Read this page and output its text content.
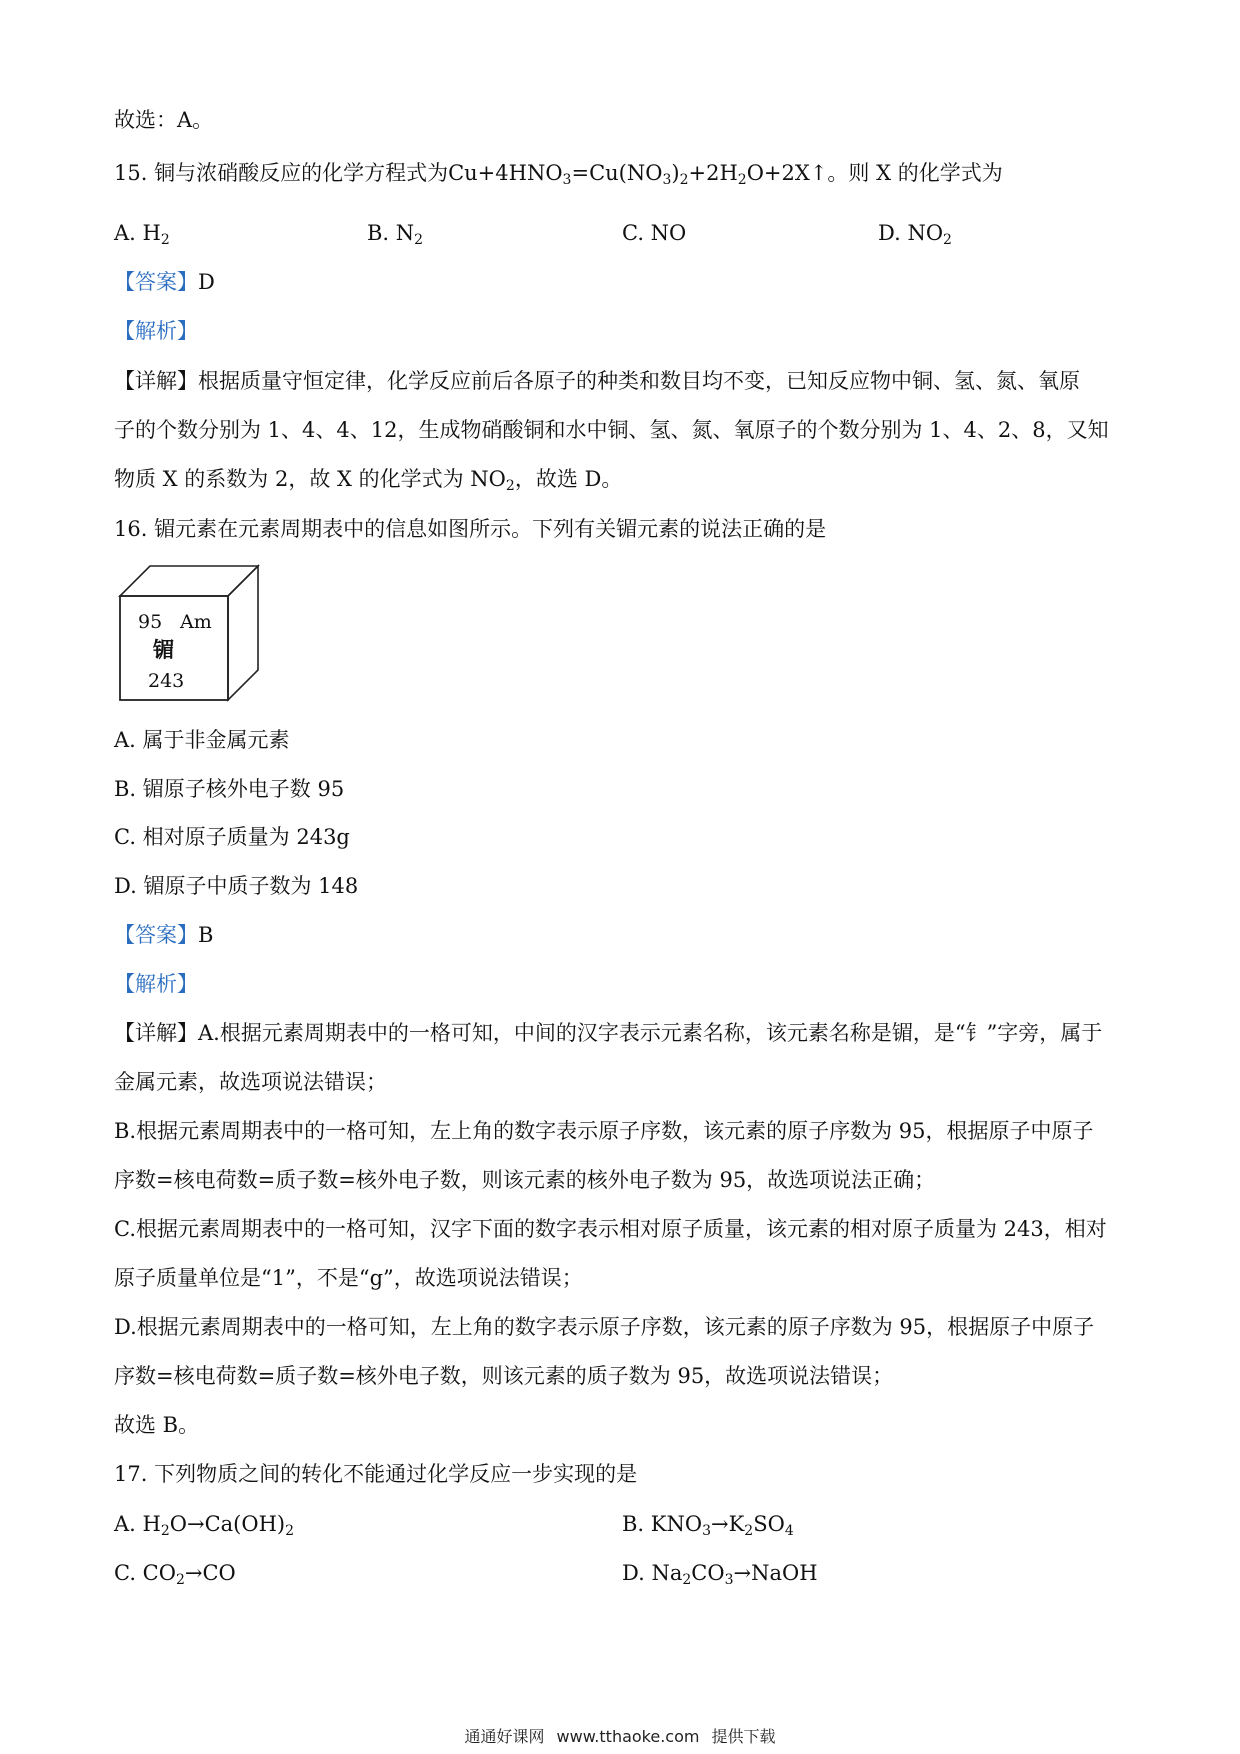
故选：A。
15. 铜与浓硝酸反应的化学方程式为$Cu+4HNO_3=Cu(NO_3)_2+2H_2O+2X↑$。则 X 的化学式为
A. $H_2$	B. $N_2$	C. NO	D. $NO_2$
【答案】D
【解析】
【详解】根据质量守恒定律，化学反应前后各原子的种类和数目均不变，已知反应物中铜、氢、氮、氧原
子的个数分别为 1、4、4、12，生成物硝酸铜和水中铜、氢、氮、氧原子的个数分别为 1、4、2、8，又知
物质 X 的系数为 2，故 X 的化学式为 $NO_2$，故选 D。
16. 镅元素在元素周期表中的信息如图所示。下列有关镅元素的说法正确的是
95 Am
镅
243
A. 属于非金属元素
B. 镅原子核外电子数 95
C. 相对原子质量为 243g
D. 镅原子中质子数为 148
【答案】B
【解析】
【详解】A.根据元素周期表中的一格可知，中间的汉字表示元素名称，该元素名称是镅，是“钅”字旁，属于
金属元素，故选项说法错误；
B.根据元素周期表中的一格可知，左上角的数字表示原子序数，该元素的原子序数为 95，根据原子中原子
序数=核电荷数=质子数=核外电子数，则该元素的核外电子数为 95，故选项说法正确；
C.根据元素周期表中的一格可知，汉字下面的数字表示相对原子质量，该元素的相对原子质量为 243，相对
原子质量单位是“1”，不是“g”，故选项说法错误；
D.根据元素周期表中的一格可知，左上角的数字表示原子序数，该元素的原子序数为 95，根据原子中原子
序数=核电荷数=质子数=核外电子数，则该元素的质子数为 95，故选项说法错误；
故选 B。
17. 下列物质之间的转化不能通过化学反应一步实现的是
A. $H_2O\to Ca(OH)_2$	B. $KNO_3\to K_2SO_4$
C. $CO_2\to CO$	D. $Na_2CO_3\to NaOH$
通通好课网 www.tthaoke.com 提供下载
